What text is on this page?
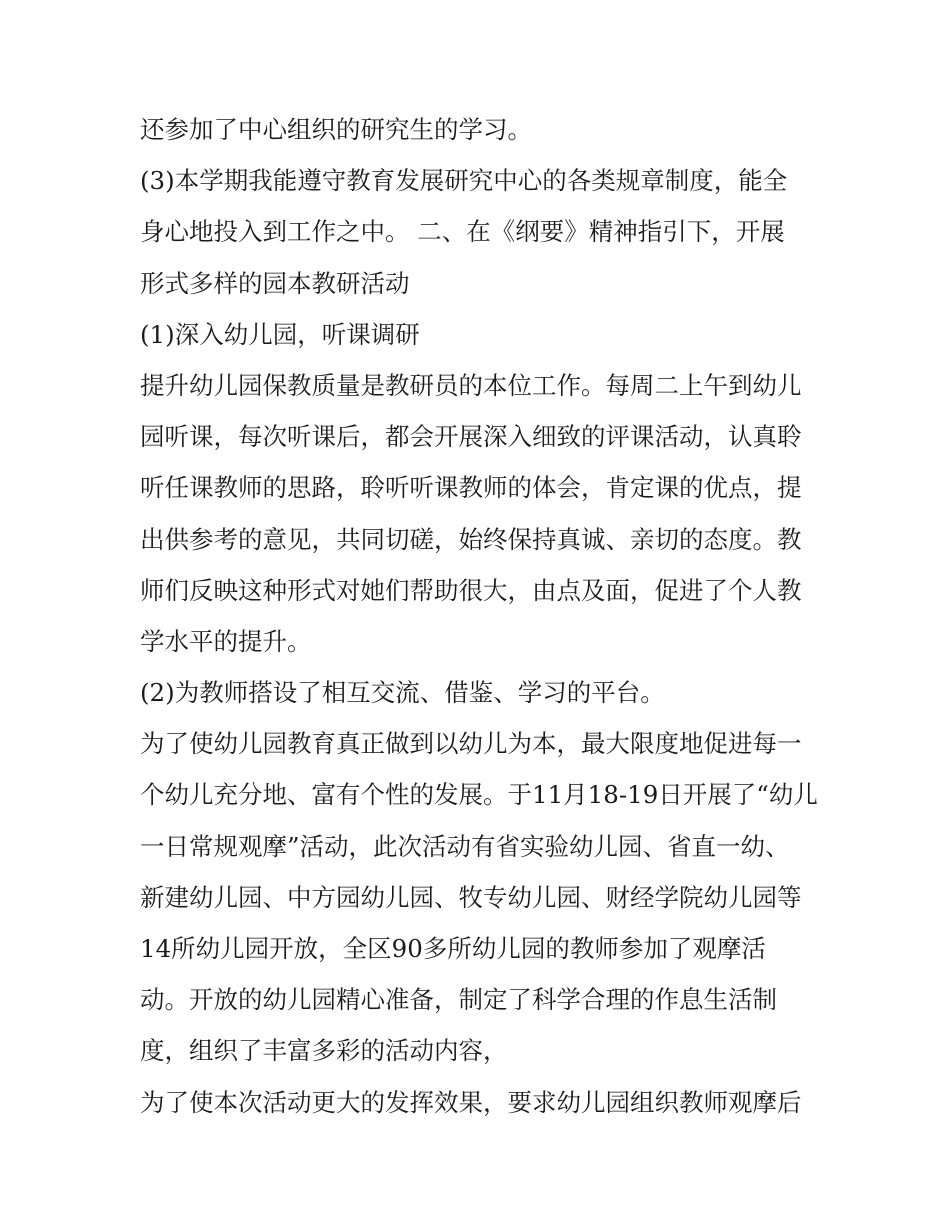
还参加了中心组织的研究生的学习。
(3)本学期我能遵守教育发展研究中心的各类规章制度，能全
身心地投入到工作之中。 二、在《纲要》精神指引下，开展
形式多样的园本教研活动
(1)深入幼儿园，听课调研
提升幼儿园保教质量是教研员的本位工作。每周二上午到幼儿
园听课，每次听课后，都会开展深入细致的评课活动，认真聆
听任课教师的思路，聆听听课教师的体会，肯定课的优点，提
出供参考的意见，共同切磋，始终保持真诚、亲切的态度。教
师们反映这种形式对她们帮助很大，由点及面，促进了个人教
学水平的提升。
(2)为教师搭设了相互交流、借鉴、学习的平台。
为了使幼儿园教育真正做到以幼儿为本，最大限度地促进每一
个幼儿充分地、富有个性的发展。于11月18-19日开展了“幼儿
一日常规观摩”活动，此次活动有省实验幼儿园、省直一幼、
新建幼儿园、中方园幼儿园、牧专幼儿园、财经学院幼儿园等
14所幼儿园开放，全区90多所幼儿园的教师参加了观摩活
动。开放的幼儿园精心准备，制定了科学合理的作息生活制
度，组织了丰富多彩的活动内容，
为了使本次活动更大的发挥效果，要求幼儿园组织教师观摩后
